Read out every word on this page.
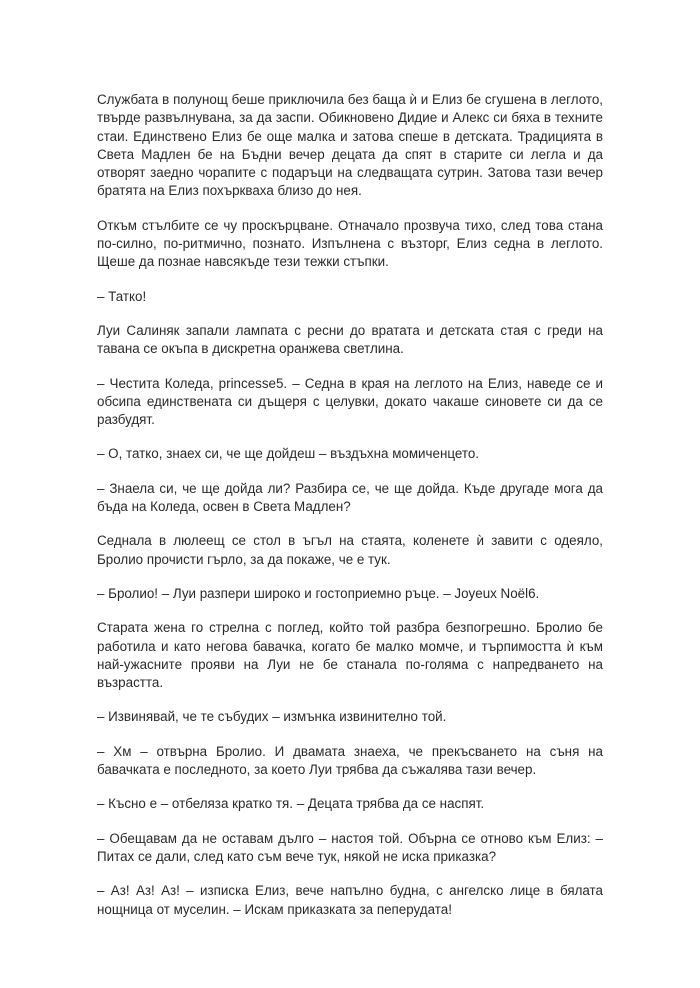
Службата в полунощ беше приключила без баща ѝ и Елиз бе сгушена в леглото, твърде развълнувана, за да заспи. Обикновено Дидие и Алекс си бяха в техните стаи. Единствено Елиз бе още малка и затова спеше в детската. Традицията в Света Мадлен бе на Бъдни вечер децата да спят в старите си легла и да отворят заедно чорапите с подаръци на следващата сутрин. Затова тази вечер братята на Елиз похъркваха близо до нея.

Откъм стълбите се чу проскърцване. Отначало прозвуча тихо, след това стана по-силно, по-ритмично, познато. Изпълнена с възторг, Елиз седна в леглото. Щеше да познае навсякъде тези тежки стъпки.

– Татко!

Луи Салиняк запали лампата с ресни до вратата и детската стая с греди на тавана се окъпа в дискретна оранжева светлина.

– Честита Коледа, princesse5. – Седна в края на леглото на Елиз, наведе се и обсипа единствената си дъщеря с целувки, докато чакаше синовете си да се разбудят.

– О, татко, знаех си, че ще дойдеш – въздъхна момиченцето.

– Знаела си, че ще дойда ли? Разбира се, че ще дойда. Къде другаде мога да бъда на Коледа, освен в Света Мадлен?

Седнала в люлеещ се стол в ъгъл на стаята, коленете ѝ завити с одеяло, Бролио прочисти гърло, за да покаже, че е тук.

– Бролио! – Луи разпери широко и гостоприемно ръце. – Joyeux Noël6.

Старата жена го стрелна с поглед, който той разбра безпогрешно. Бролио бе работила и като негова бавачка, когато бе малко момче, и търпимостта ѝ към най-ужасните прояви на Луи не бе станала по-голяма с напредването на възрастта.

– Извинявай, че те събудих – измънка извинително той.

– Хм – отвърна Бролио. И двамата знаеха, че прекъсването на съня на бавачката е последното, за което Луи трябва да съжалява тази вечер.

– Късно е – отбеляза кратко тя. – Децата трябва да се наспят.

– Обещавам да не оставам дълго – настоя той. Обърна се отново към Елиз: – Питах се дали, след като съм вече тук, някой не иска приказка?

– Аз! Аз! Аз! – изписка Елиз, вече напълно будна, с ангелско лице в бялата нощница от муселин. – Искам приказката за пеперудата!
